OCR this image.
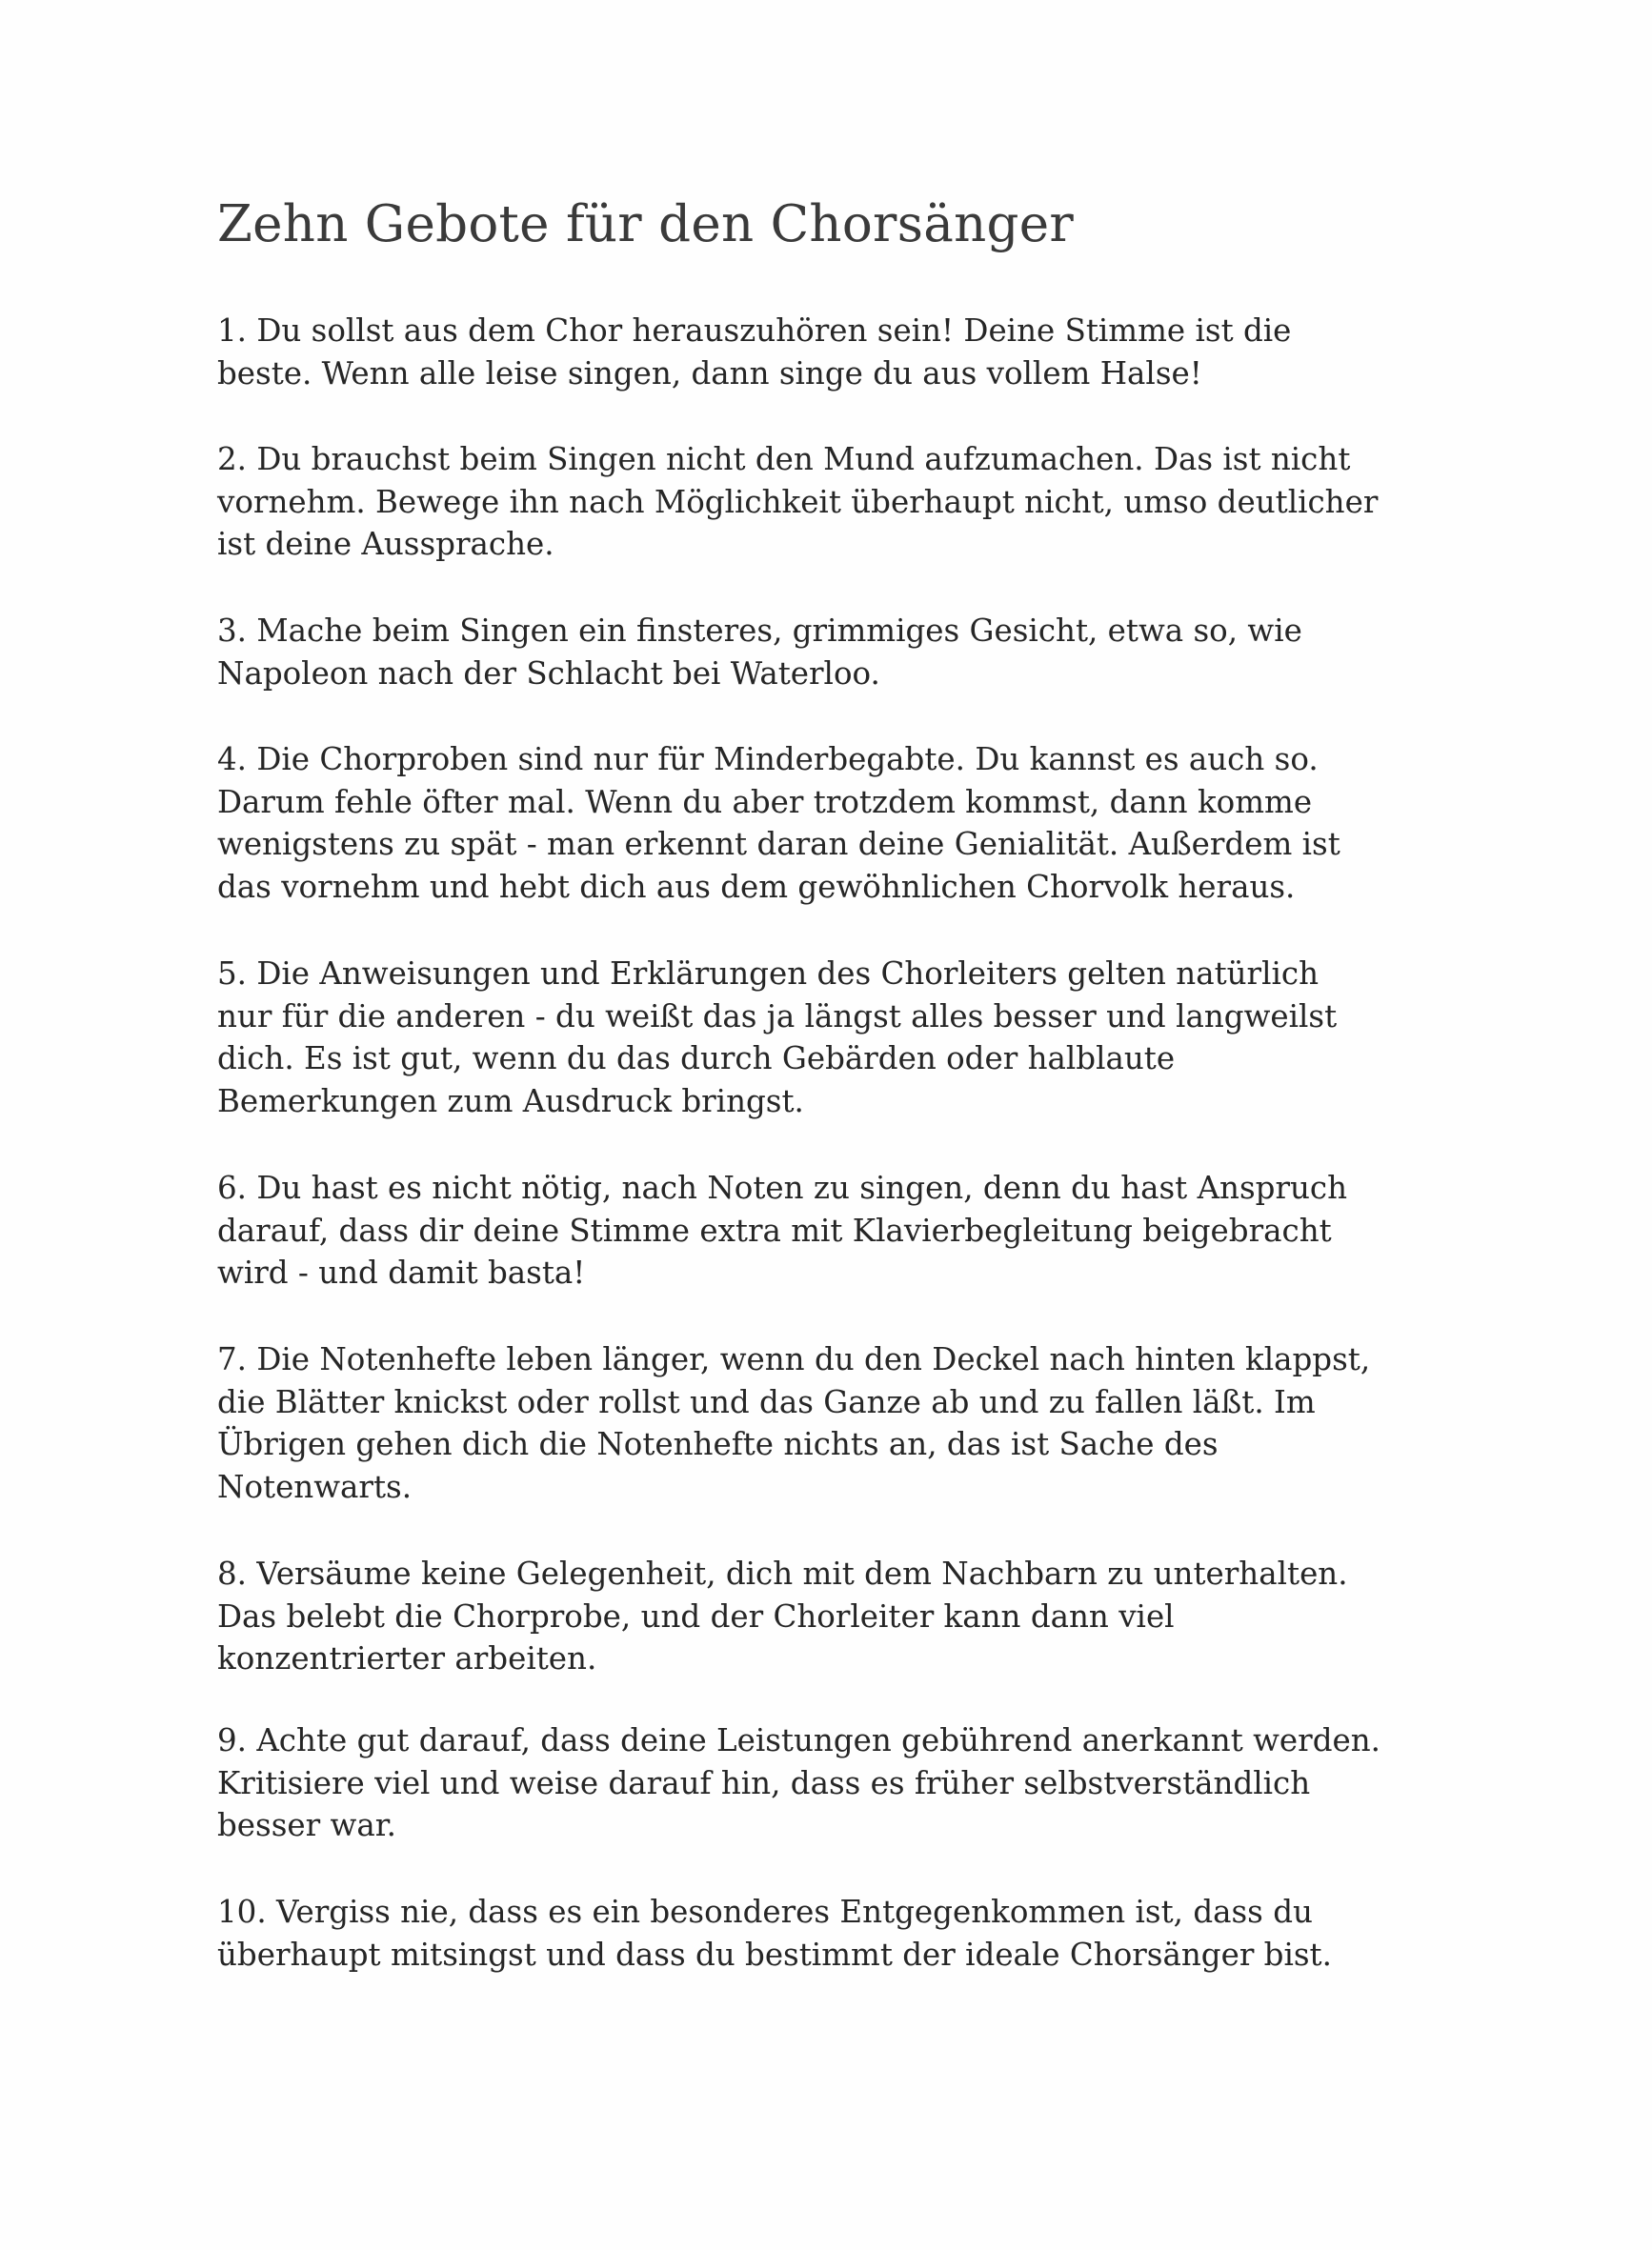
Zehn Gebote für den Chorsänger
1. Du sollst aus dem Chor herauszuhören sein! Deine Stimme ist die
beste. Wenn alle leise singen, dann singe du aus vollem Halse!
2. Du brauchst beim Singen nicht den Mund aufzumachen. Das ist nicht
vornehm. Bewege ihn nach Möglichkeit überhaupt nicht, umso deutlicher
ist deine Aussprache.
3. Mache beim Singen ein finsteres, grimmiges Gesicht, etwa so, wie
Napoleon nach der Schlacht bei Waterloo.
4. Die Chorproben sind nur für Minderbegabte. Du kannst es auch so.
Darum fehle öfter mal. Wenn du aber trotzdem kommst, dann komme
wenigstens zu spät - man erkennt daran deine Genialität. Außerdem ist
das vornehm und hebt dich aus dem gewöhnlichen Chorvolk heraus.
5. Die Anweisungen und Erklärungen des Chorleiters gelten natürlich
nur für die anderen - du weißt das ja längst alles besser und langweilst
dich. Es ist gut, wenn du das durch Gebärden oder halblaute
Bemerkungen zum Ausdruck bringst.
6. Du hast es nicht nötig, nach Noten zu singen, denn du hast Anspruch
darauf, dass dir deine Stimme extra mit Klavierbegleitung beigebracht
wird - und damit basta!
7. Die Notenhefte leben länger, wenn du den Deckel nach hinten klappst,
die Blätter knickst oder rollst und das Ganze ab und zu fallen läßt. Im
Übrigen gehen dich die Notenhefte nichts an, das ist Sache des
Notenwarts.
8. Versäume keine Gelegenheit, dich mit dem Nachbarn zu unterhalten.
Das belebt die Chorprobe, und der Chorleiter kann dann viel
konzentrierter arbeiten.
9. Achte gut darauf, dass deine Leistungen gebührend anerkannt werden.
Kritisiere viel und weise darauf hin, dass es früher selbstverständlich
besser war.
10. Vergiss nie, dass es ein besonderes Entgegenkommen ist, dass du
überhaupt mitsingst und dass du bestimmt der ideale Chorsänger bist.
